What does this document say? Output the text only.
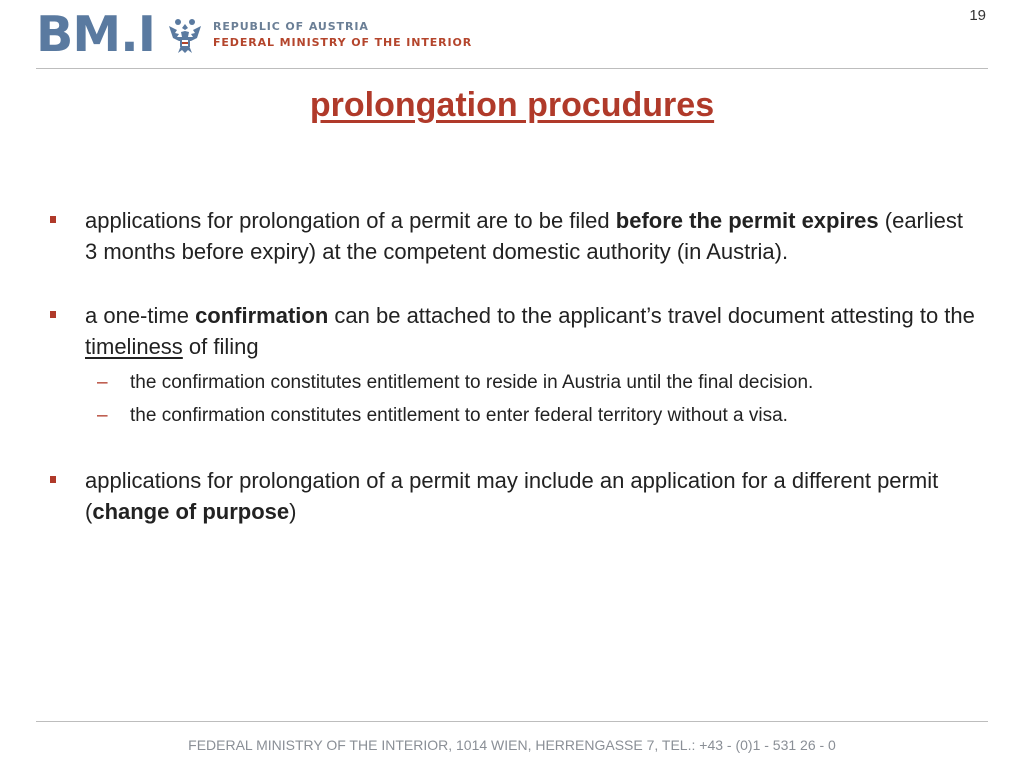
BM.I	REPUBLIC OF AUSTRIA
FEDERAL MINISTRY OF THE INTERIOR
19
prolongation procudures
applications for prolongation of a permit are to be filed before the permit expires (earliest 3 months before expiry) at the competent domestic authority (in Austria).
a one-time confirmation can be attached to the applicant’s travel document attesting to the timeliness of filing
– the confirmation constitutes entitlement to reside in Austria until the final decision.
– the confirmation constitutes entitlement to enter federal territory without a visa.
applications for prolongation of a permit may include an application for a different permit (change of purpose)
FEDERAL MINISTRY OF THE INTERIOR, 1014 WIEN, HERRENGASSE 7, TEL.: +43 - (0)1 - 531 26 - 0
